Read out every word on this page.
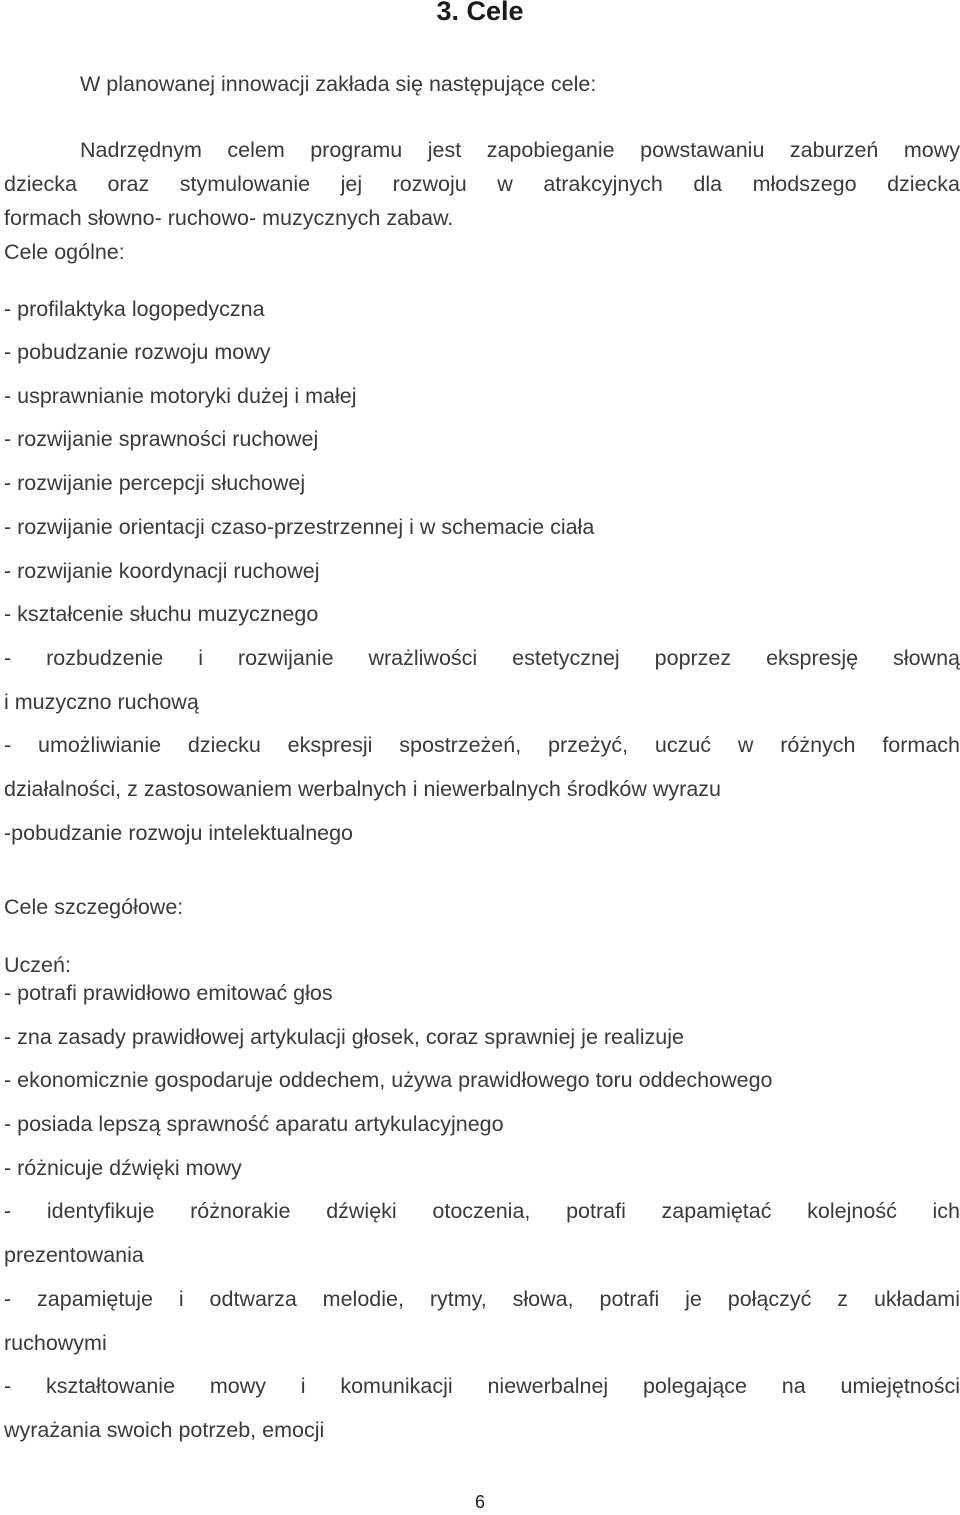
3. Cele
W planowanej innowacji zakłada się następujące cele:
Nadrzędnym celem programu jest zapobieganie powstawaniu zaburzeń mowy
dziecka oraz stymulowanie jej rozwoju w atrakcyjnych dla młodszego dziecka
formach słowno- ruchowo- muzycznych zabaw.
Cele ogólne:
- profilaktyka logopedyczna
- pobudzanie rozwoju mowy
- usprawnianie motoryki dużej i małej
- rozwijanie sprawności ruchowej
- rozwijanie percepcji słuchowej
- rozwijanie orientacji czaso-przestrzennej i w schemacie ciała
- rozwijanie koordynacji ruchowej
- kształcenie słuchu muzycznego
- rozbudzenie i rozwijanie wrażliwości estetycznej poprzez ekspresję słowną
i muzyczno ruchową
- umożliwianie dziecku ekspresji spostrzeżeń, przeżyć, uczuć w różnych formach
działalności, z zastosowaniem werbalnych i niewerbalnych środków wyrazu
-pobudzanie rozwoju intelektualnego
Cele szczegółowe:
Uczeń:
- potrafi prawidłowo emitować głos
- zna zasady prawidłowej artykulacji głosek, coraz sprawniej je realizuje
- ekonomicznie gospodaruje oddechem, używa prawidłowego toru oddechowego
- posiada lepszą sprawność aparatu artykulacyjnego
- różnicuje dźwięki mowy
- identyfikuje różnorakie dźwięki otoczenia, potrafi zapamiętać kolejność ich
prezentowania
- zapamiętuje i odtwarza melodie, rytmy, słowa, potrafi je połączyć z układami
ruchowymi
- kształtowanie mowy i komunikacji niewerbalnej polegające na umiejętności
wyrażania swoich potrzeb, emocji
6
